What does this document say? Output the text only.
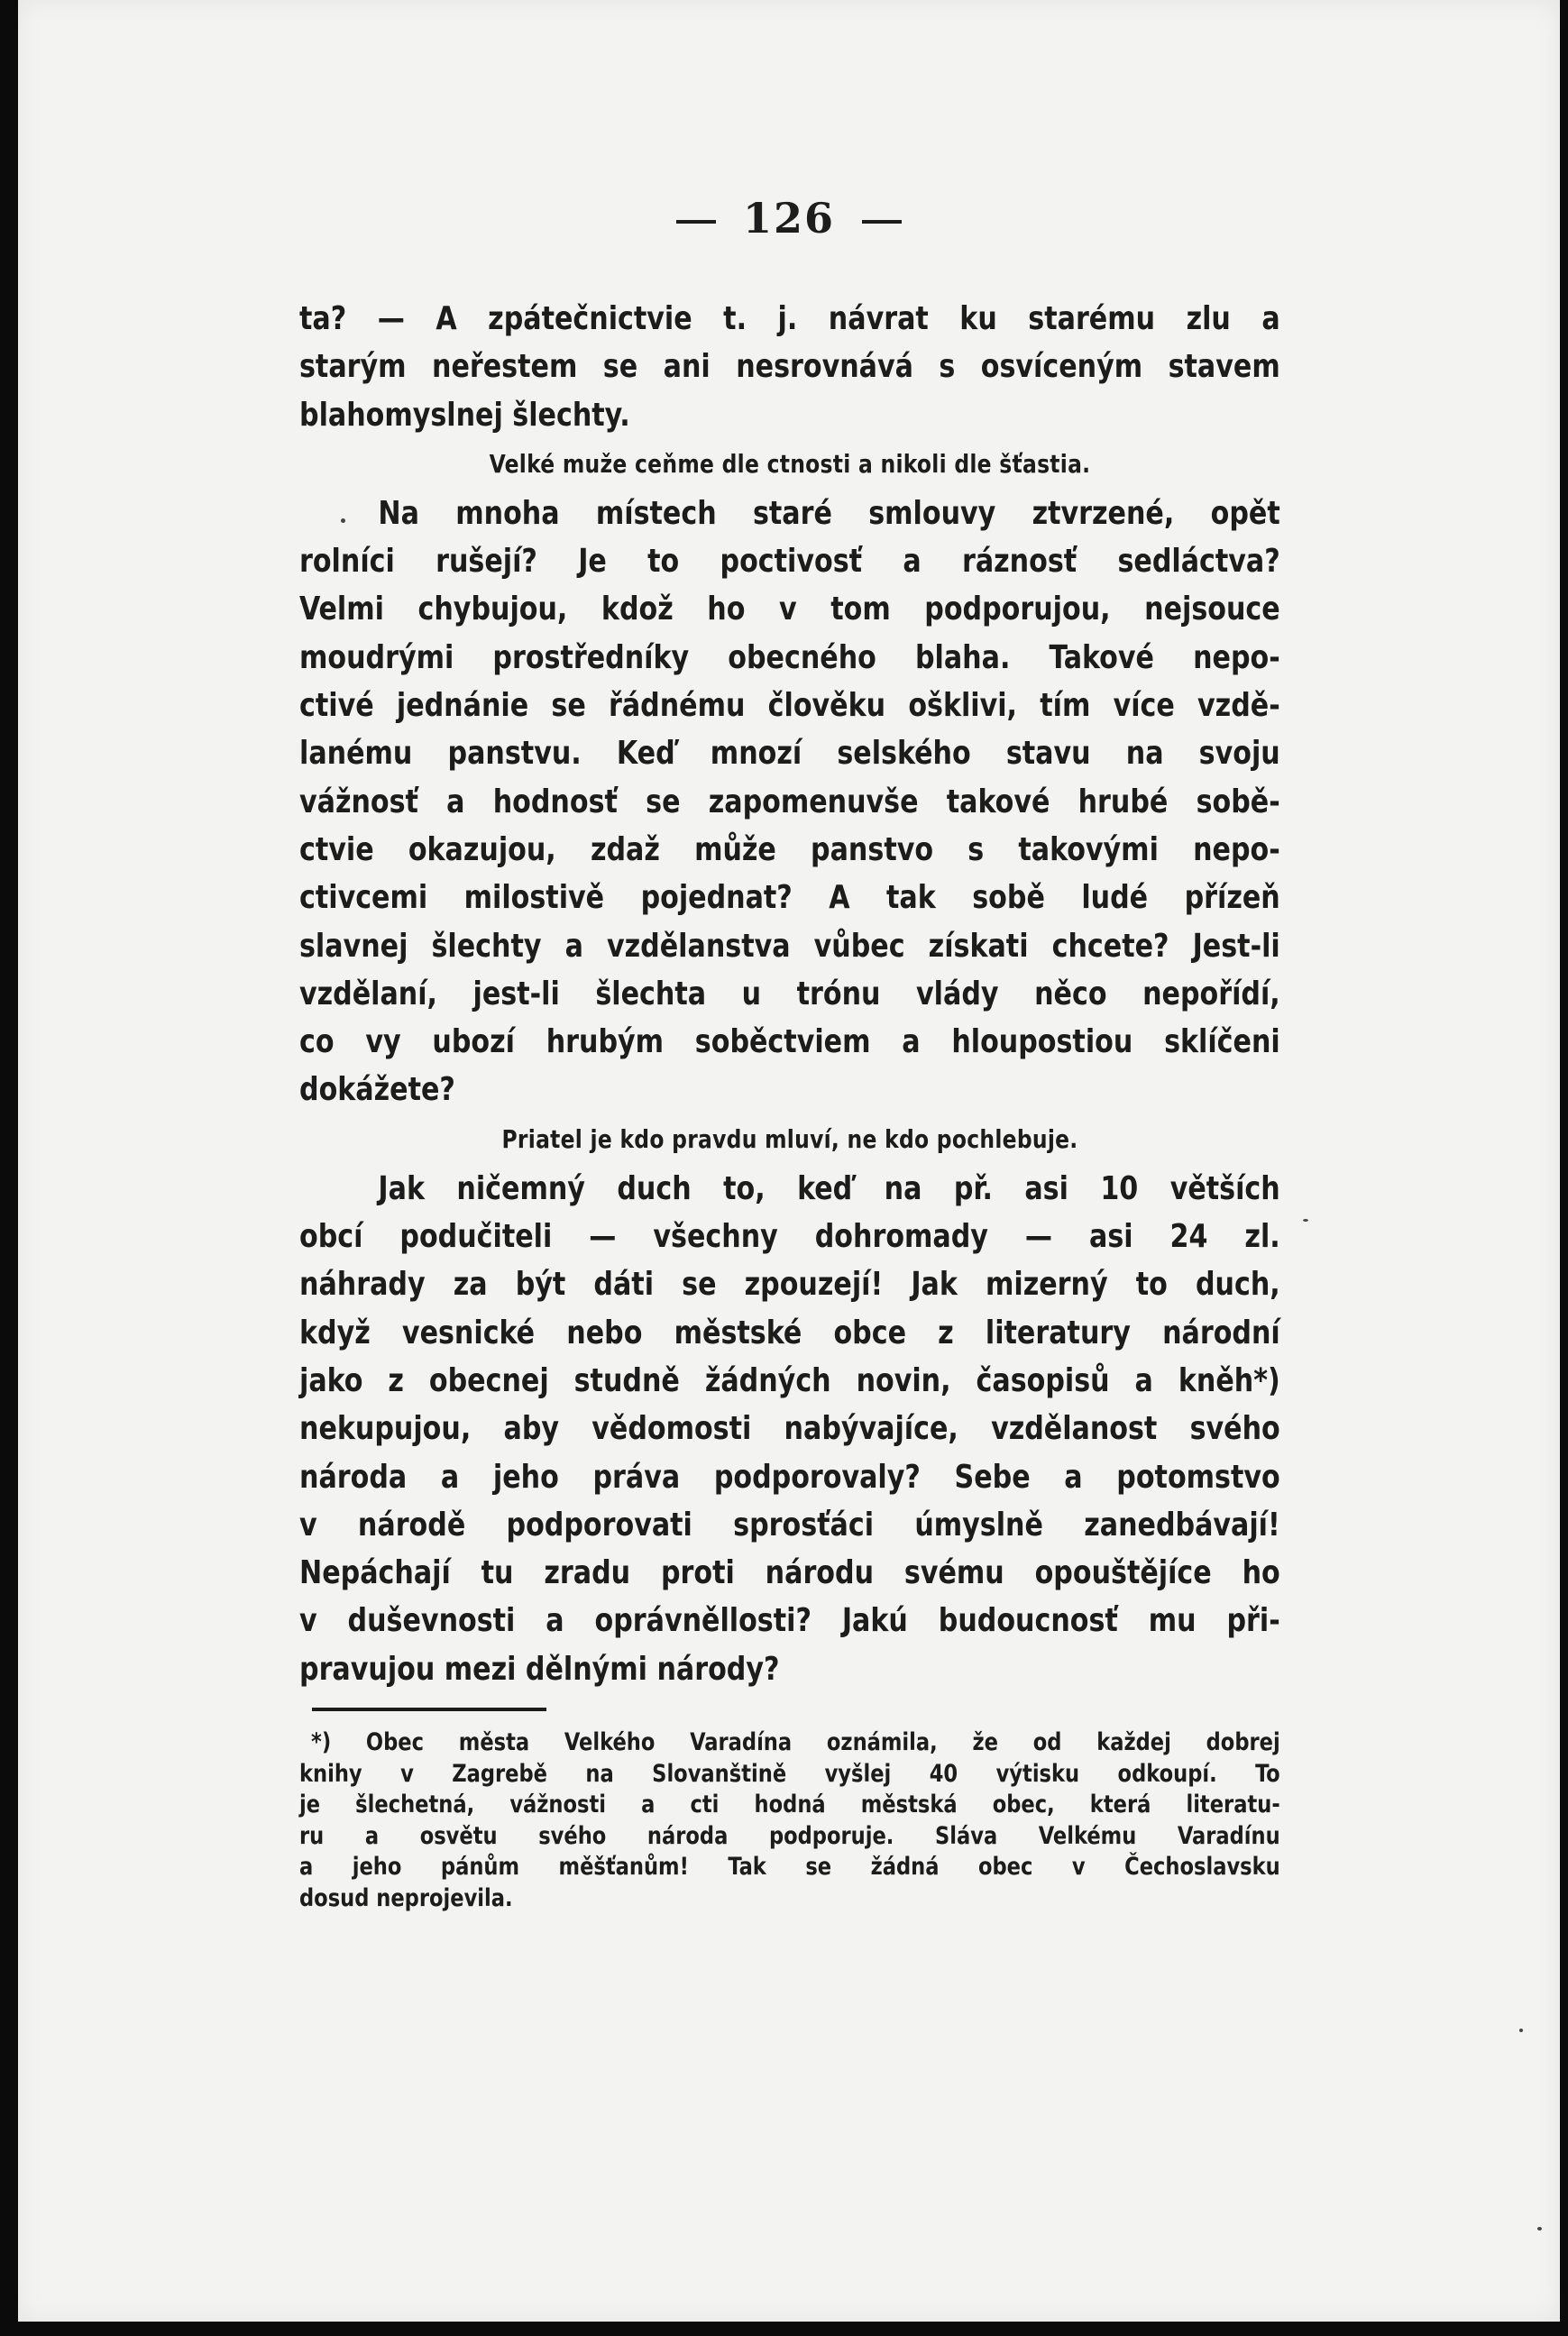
126
ta? — A zpátečnictvie t. j. návrat ku starému zlu a
starým neřestem se ani nesrovnává s osvíceným stavem
blahomyslnej šlechty.
Velké muže ceňme dle ctnosti a nikoli dle šťastia.
Na mnoha místech staré smlouvy ztvrzené, opět
rolníci rušejí? Je to poctivosť a ráznosť sedláctva?
Velmi chybujou, kdož ho v tom podporujou, nejsouce
moudrými prostředníky obecného blaha. Takové nepo-
ctivé jednánie se řádnému člověku ošklivi, tím více vzdě-
lanému panstvu. Keď mnozí selského stavu na svoju
vážnosť a hodnosť se zapomenuvše takové hrubé sobě-
ctvie okazujou, zdaž může panstvo s takovými nepo-
ctivcemi milostivě pojednat? A tak sobě ludé přízeň
slavnej šlechty a vzdělanstva vůbec získati chcete? Jest-li
vzdělaní, jest-li šlechta u trónu vlády něco nepořídí,
co vy ubozí hrubým soběctviem a hloupostiou sklíčeni
dokážete?
Priatel je kdo pravdu mluví, ne kdo pochlebuje.
Jak ničemný duch to, keď na př. asi 10 větších
obcí podučiteli — všechny dohromady — asi 24 zl.
náhrady za být dáti se zpouzejí! Jak mizerný to duch,
když vesnické nebo městské obce z literatury národní
jako z obecnej studně žádných novin, časopisů a kněh*)
nekupujou, aby vědomosti nabývajíce, vzdělanost svého
národa a jeho práva podporovaly? Sebe a potomstvo
v národě podporovati sprosťáci úmyslně zanedbávají!
Nepáchají tu zradu proti národu svému opouštějíce ho
v duševnosti a oprávněllosti? Jakú budoucnosť mu při-
pravujou mezi dělnými národy?
*) Obec města Velkého Varadína oznámila, že od každej dobrej
knihy v Zagrebě na Slovanštině vyšlej 40 výtisku odkoupí. To
je šlechetná, vážnosti a cti hodná městská obec, která literatu-
ru a osvětu svého národa podporuje. Sláva Velkému Varadínu
a jeho pánům měšťanům! Tak se žádná obec v Čechoslavsku
dosud neprojevila.
